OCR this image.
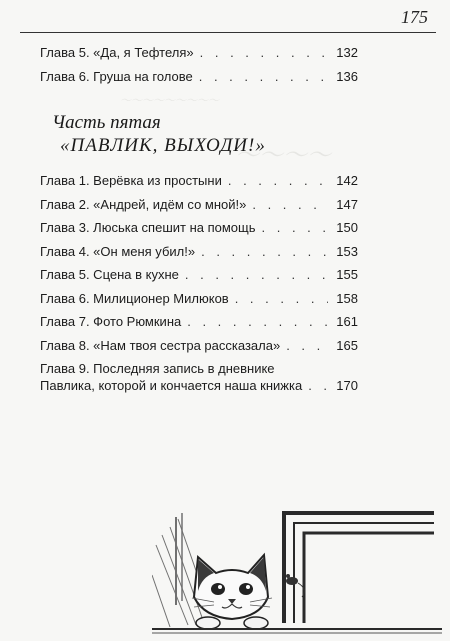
175
〜〜〜〜〜〜〜〜〜
〜〜〜〜
Глава 5. «Да, я Тефтеля» . . .	132
Глава 6. Груша на голове . . .	136
Часть пятая
«ПАВЛИК, ВЫХОДИ!»
Глава 1. Верёвка из простыни . . .	142
Глава 2. «Андрей, идём со мной!» . . .	147
Глава 3. Люська спешит на помощь . . .	150
Глава 4. «Он меня убил!» . . .	153
Глава 5. Сцена в кухне . . .	155
Глава 6. Милиционер Милюков . . .	158
Глава 7. Фото Рюмкина . . .	161
Глава 8. «Нам твоя сестра рассказала» . . .	165
Глава 9. Последняя запись в дневнике
Павлика, которой и кончается наша книжка . . .	170
